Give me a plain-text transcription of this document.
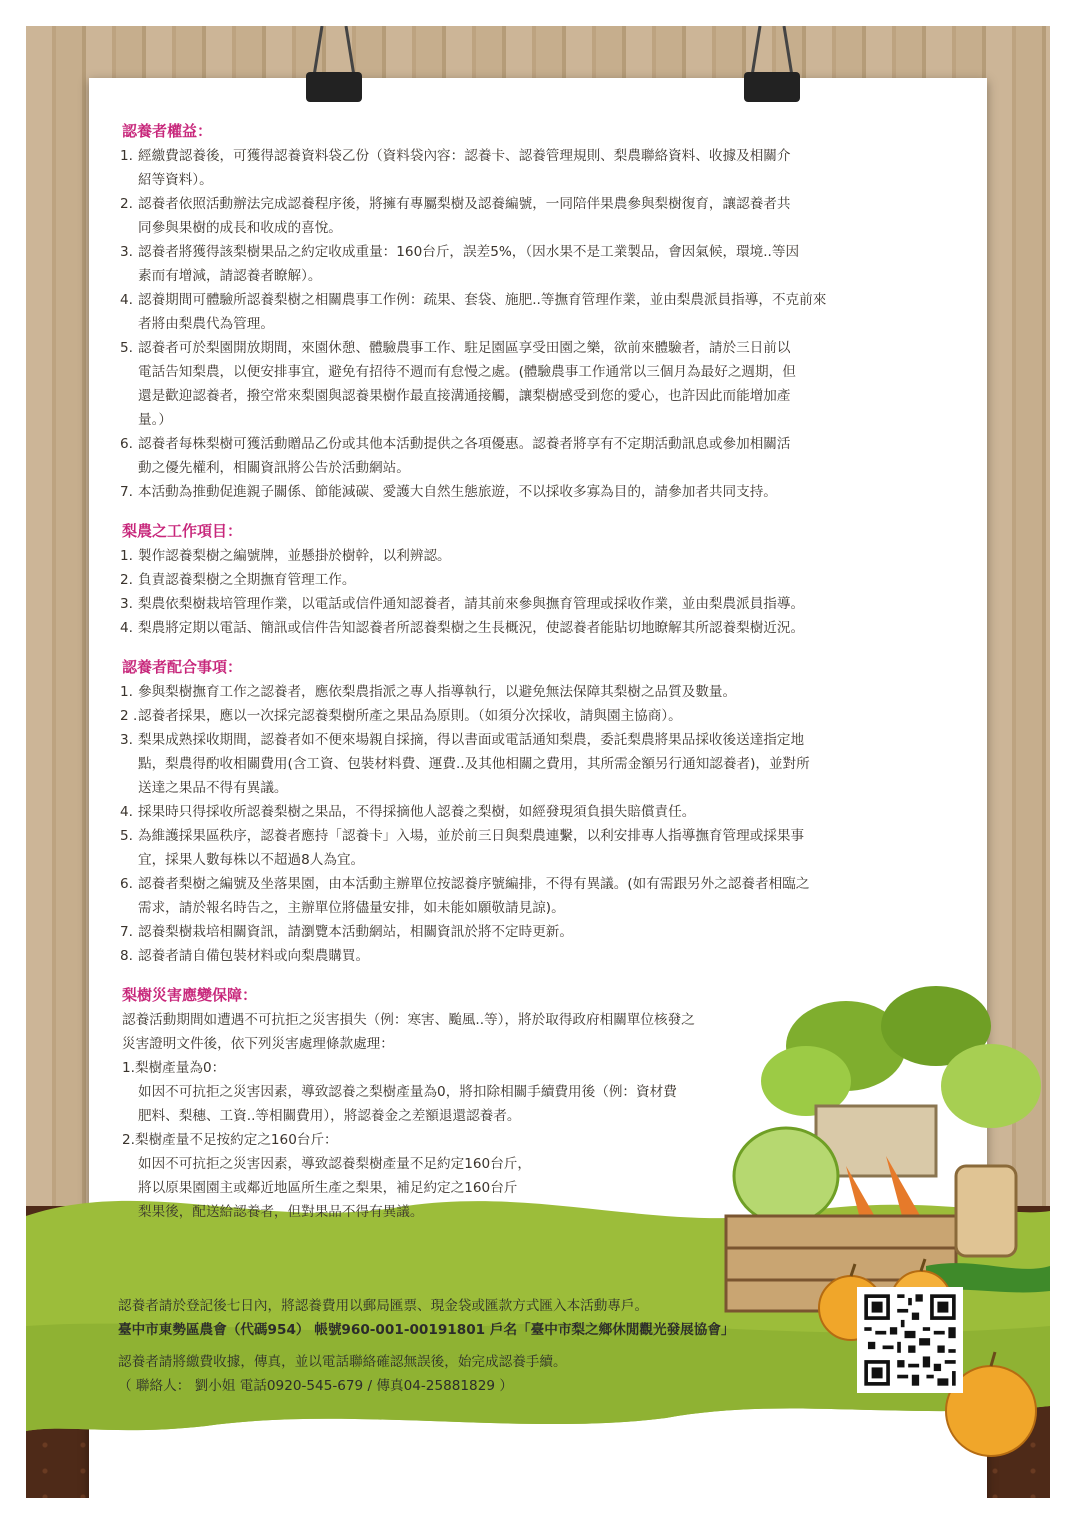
認養者權益：
1. 經繳費認養後，可獲得認養資料袋乙份（資料袋內容：認養卡、認養管理規則、梨農聯絡資料、收據及相關介
紹等資料）。
2. 認養者依照活動辦法完成認養程序後，將擁有專屬梨樹及認養編號，一同陪伴果農參與梨樹復育，讓認養者共
同參與果樹的成長和收成的喜悅。
3. 認養者將獲得該梨樹果品之約定收成重量：160台斤，誤差5%，（因水果不是工業製品，會因氣候，環境..等因
素而有增減，請認養者瞭解）。
4. 認養期間可體驗所認養梨樹之相關農事工作例：疏果、套袋、施肥..等撫育管理作業，並由梨農派員指導，不克前來
者將由梨農代為管理。
5. 認養者可於梨園開放期間，來園休憩、體驗農事工作、駐足園區享受田園之樂，欲前來體驗者，請於三日前以
電話告知梨農，以便安排事宜，避免有招待不週而有怠慢之處。(體驗農事工作通常以三個月為最好之週期，但
還是歡迎認養者，撥空常來梨園與認養果樹作最直接溝通接觸，讓梨樹感受到您的愛心，也許因此而能增加產
量。）
6. 認養者每株梨樹可獲活動贈品乙份或其他本活動提供之各項優惠。認養者將享有不定期活動訊息或參加相關活
動之優先權利，相關資訊將公告於活動網站。
7. 本活動為推動促進親子關係、節能減碳、愛護大自然生態旅遊，不以採收多寡為目的，請參加者共同支持。
梨農之工作項目：
1. 製作認養梨樹之編號牌，並懸掛於樹幹，以利辨認。
2. 負責認養梨樹之全期撫育管理工作。
3. 梨農依梨樹栽培管理作業，以電話或信件通知認養者，請其前來參與撫育管理或採收作業，並由梨農派員指導。
4. 梨農將定期以電話、簡訊或信件告知認養者所認養梨樹之生長概況，使認養者能貼切地瞭解其所認養梨樹近況。
認養者配合事項：
1. 參與梨樹撫育工作之認養者，應依梨農指派之專人指導執行，以避免無法保障其梨樹之品質及數量。
2 . 認養者採果，應以一次採完認養梨樹所產之果品為原則。（如須分次採收，請與園主協商）。
3. 梨果成熟採收期間，認養者如不便來場親自採摘，得以書面或電話通知梨農，委託梨農將果品採收後送達指定地
點，梨農得酌收相關費用(含工資、包裝材料費、運費..及其他相關之費用，其所需金額另行通知認養者)，並對所
送達之果品不得有異議。
4. 採果時只得採收所認養梨樹之果品，不得採摘他人認養之梨樹，如經發現須負損失賠償責任。
5. 為維護採果區秩序，認養者應持「認養卡」入場，並於前三日與梨農連繫，以利安排專人指導撫育管理或採果事
宜，採果人數每株以不超過8人為宜。
6. 認養者梨樹之編號及坐落果園，由本活動主辦單位按認養序號編排，不得有異議。(如有需跟另外之認養者相臨之
需求，請於報名時告之，主辦單位將儘量安排，如未能如願敬請見諒)。
7. 認養梨樹栽培相關資訊，請瀏覽本活動網站，相關資訊於將不定時更新。
8. 認養者請自備包裝材料或向梨農購買。
梨樹災害應變保障：
認養活動期間如遭遇不可抗拒之災害損失（例：寒害、颱風..等），將於取得政府相關單位核發之
災害證明文件後，依下列災害處理條款處理：
1.梨樹產量為0：
如因不可抗拒之災害因素，導致認養之梨樹產量為0，將扣除相關手續費用後（例：資材費
肥料、梨穗、工資..等相關費用），將認養金之差額退還認養者。
2.梨樹產量不足按約定之160台斤：
如因不可抗拒之災害因素，導致認養梨樹產量不足約定160台斤，
將以原果園園主或鄰近地區所生產之梨果，補足約定之160台斤
梨果後，配送給認養者，但對果品不得有異議。
認養者請於登記後七日內，將認養費用以郵局匯票、現金袋或匯款方式匯入本活動專戶。
臺中市東勢區農會（代碼954） 帳號960-001-00191801 戶名「臺中市梨之鄉休閒觀光發展協會」
認養者請將繳費收據，傳真，並以電話聯絡確認無誤後，始完成認養手續。
（ 聯絡人： 劉小姐 電話0920-545-679 / 傳真04-25881829 ）
